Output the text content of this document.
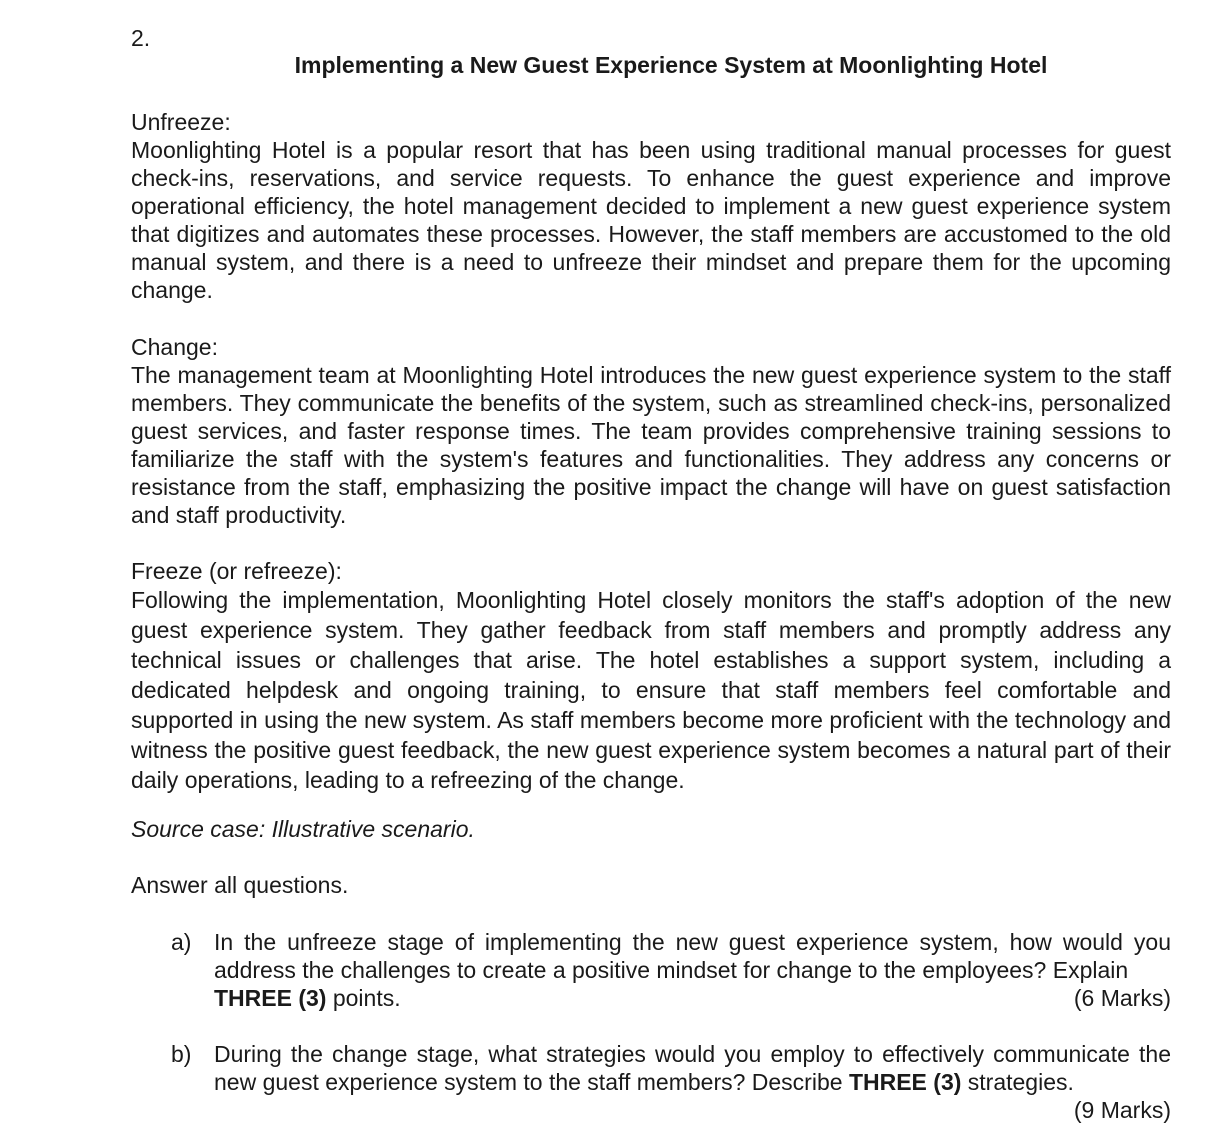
2.
Implementing a New Guest Experience System at Moonlighting Hotel

Unfreeze:

Moonlighting Hotel is a popular resort that has been using traditional manual processes for guest check-ins, reservations, and service requests. To enhance the guest experience and improve operational efficiency, the hotel management decided to implement a new guest experience system that digitizes and automates these processes. However, the staff members are accustomed to the old manual system, and there is a need to unfreeze their mindset and prepare them for the upcoming change.

Change:

The management team at Moonlighting Hotel introduces the new guest experience system to the staff members. They communicate the benefits of the system, such as streamlined check-ins, personalized guest services, and faster response times. The team provides comprehensive training sessions to familiarize the staff with the system's features and functionalities. They address any concerns or resistance from the staff, emphasizing the positive impact the change will have on guest satisfaction and staff productivity.

Freeze (or refreeze):

Following the implementation, Moonlighting Hotel closely monitors the staff's adoption of the new guest experience system. They gather feedback from staff members and promptly address any technical issues or challenges that arise. The hotel establishes a support system, including a dedicated helpdesk and ongoing training, to ensure that staff members feel comfortable and supported in using the new system. As staff members become more proficient with the technology and witness the positive guest feedback, the new guest experience system becomes a natural part of their daily operations, leading to a refreezing of the change.

Source case: Illustrative scenario.
Answer all questions.
a) In the unfreeze stage of implementing the new guest experience system, how would you address the challenges to create a positive mindset for change to the employees? Explain
THREE (3) points.	(6 Marks)
b) During the change stage, what strategies would you employ to effectively communicate the new guest experience system to the staff members? Describe THREE (3) strategies.
(9 Marks)
